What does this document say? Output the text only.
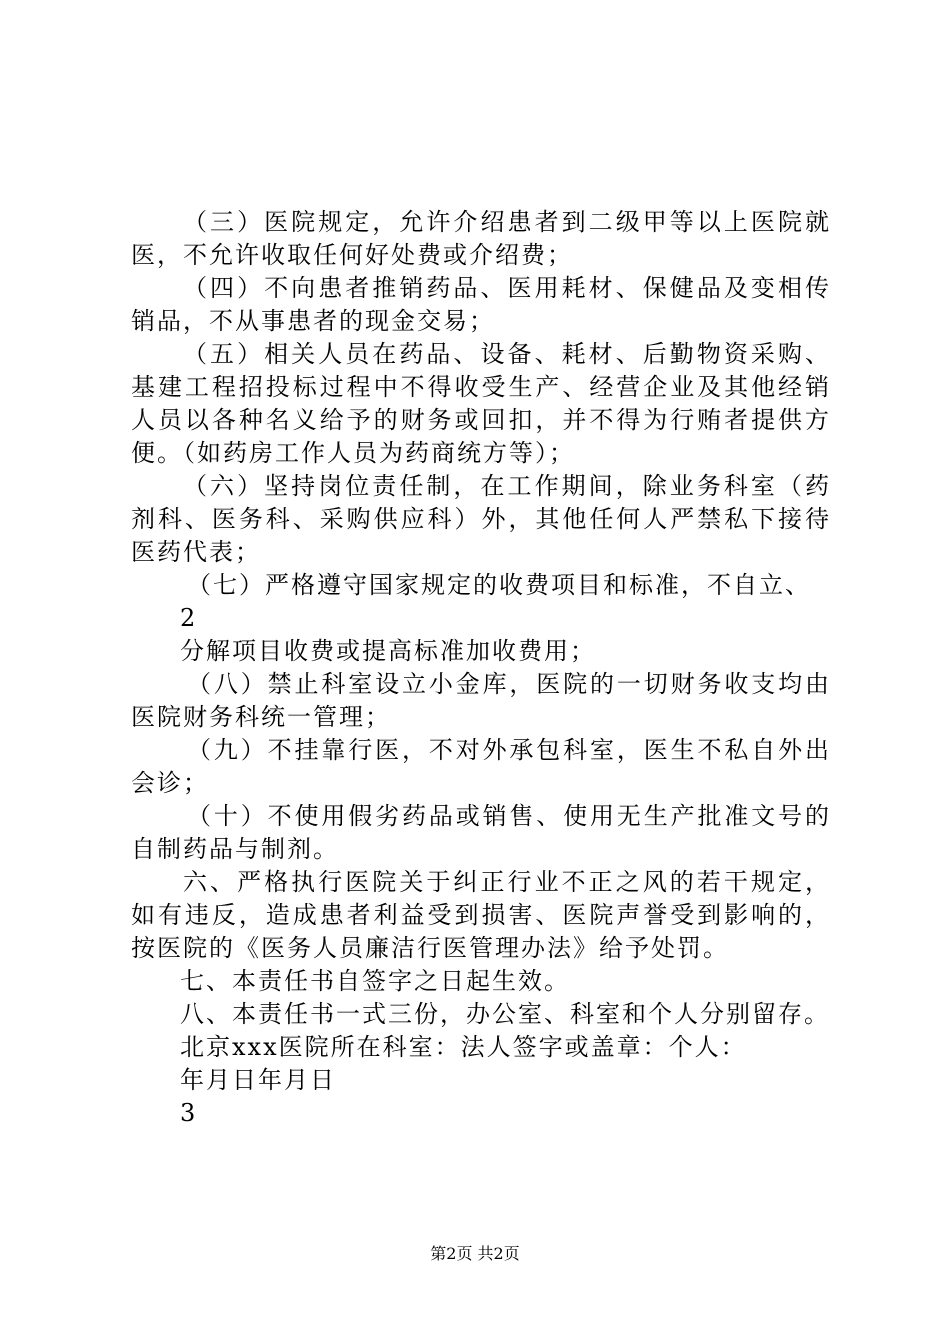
（三）医院规定，允许介绍患者到二级甲等以上医院就医，不允许收取任何好处费或介绍费；

（四）不向患者推销药品、医用耗材、保健品及变相传销品，不从事患者的现金交易；

（五）相关人员在药品、设备、耗材、后勤物资采购、基建工程招投标过程中不得收受生产、经营企业及其他经销人员以各种名义给予的财务或回扣，并不得为行贿者提供方便。（如药房工作人员为药商统方等）；

（六）坚持岗位责任制，在工作期间，除业务科室（药剂科、医务科、采购供应科）外，其他任何人严禁私下接待医药代表；

（七）严格遵守国家规定的收费项目和标准，不自立、

2

分解项目收费或提高标准加收费用；

（八）禁止科室设立小金库，医院的一切财务收支均由医院财务科统一管理；

（九）不挂靠行医，不对外承包科室，医生不私自外出会诊；

（十）不使用假劣药品或销售、使用无生产批准文号的自制药品与制剂。

六、严格执行医院关于纠正行业不正之风的若干规定，如有违反，造成患者利益受到损害、医院声誉受到影响的，按医院的《医务人员廉洁行医管理办法》给予处罚。

七、本责任书自签字之日起生效。

八、本责任书一式三份，办公室、科室和个人分别留存。

北京xxx医院所在科室：法人签字或盖章：个人：

年月日年月日

3

第2页 共2页
